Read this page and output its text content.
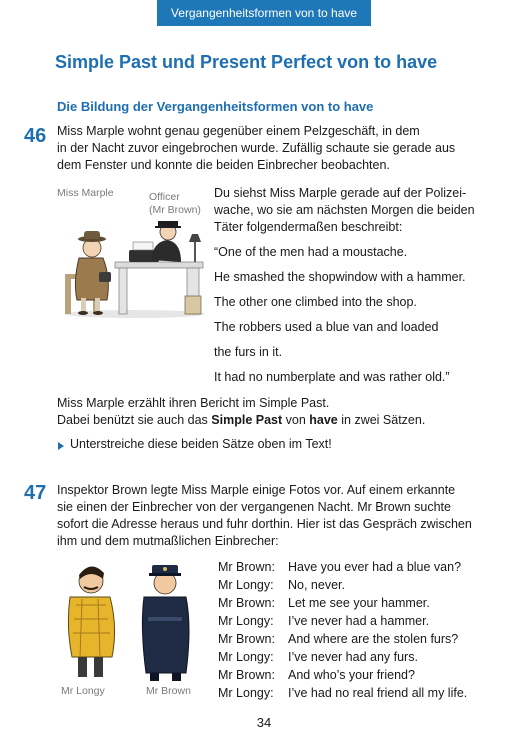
Vergangenheitsformen von to have
Simple Past und Present Perfect von to have
Die Bildung der Vergangenheitsformen von to have
46 Miss Marple wohnt genau gegenüber einem Pelzgeschäft, in dem
in der Nacht zuvor eingebrochen wurde. Zufällig schaute sie gerade aus
dem Fenster und konnte die beiden Einbrecher beobachten.
Miss Marple	Officer
(Mr Brown)
Du siehst Miss Marple gerade auf der Polizei-
wache, wo sie am nächsten Morgen die beiden
Täter folgendermaßen beschreibt:
“One of the men had a moustache.
He smashed the shopwindow with a hammer.
The other one climbed into the shop.
The robbers used a blue van and loaded
the furs in it.
It had no numberplate and was rather old.”
Miss Marple erzählt ihren Bericht im Simple Past.
Dabei benützt sie auch das Simple Past von have in zwei Sätzen.
Unterstreiche diese beiden Sätze oben im Text!
47 Inspektor Brown legte Miss Marple einige Fotos vor. Auf einem erkannte
sie einen der Einbrecher von der vergangenen Nacht. Mr Brown suchte
sofort die Adresse heraus und fuhr dorthin. Hier ist das Gespräch zwischen
ihm und dem mutmaßlichen Einbrecher:
Mr Longy	Mr Brown
Mr Brown: Have you ever had a blue van?
Mr Longy: No, never.
Mr Brown: Let me see your hammer.
Mr Longy: I’ve never had a hammer.
Mr Brown: And where are the stolen furs?
Mr Longy: I’ve never had any furs.
Mr Brown: And who’s your friend?
Mr Longy: I’ve had no real friend all my life.
34
